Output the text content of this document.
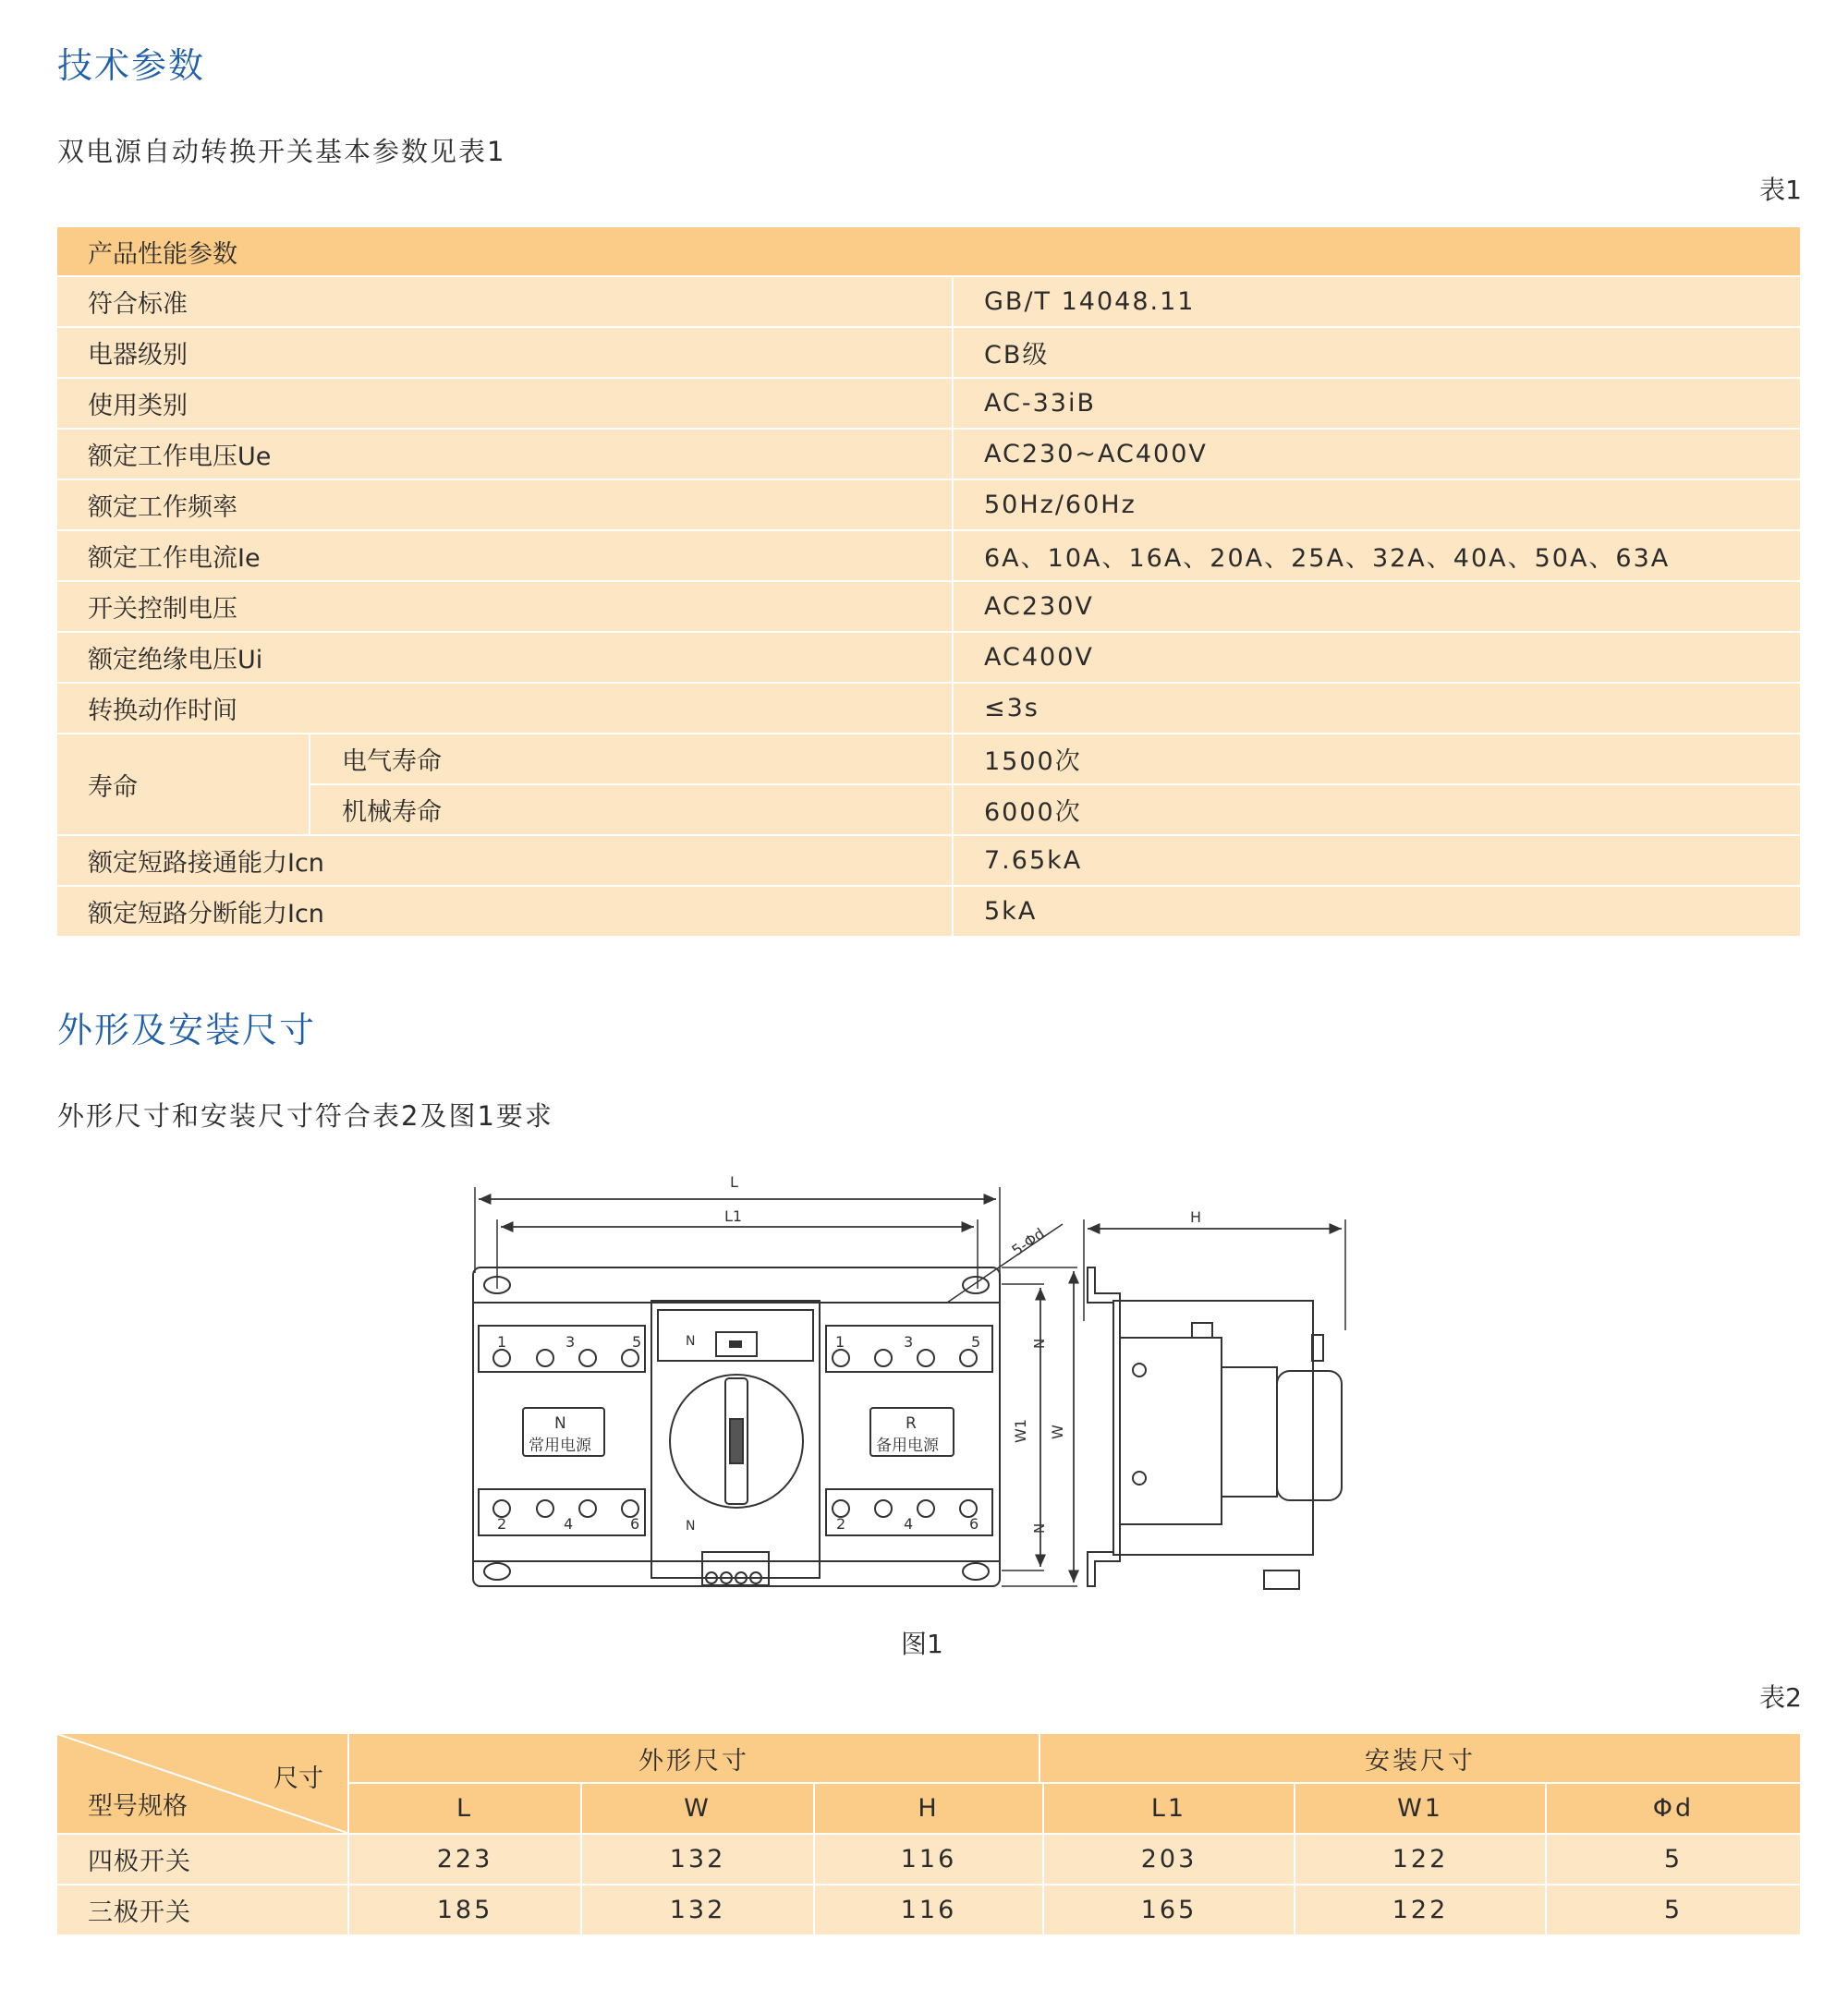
技术参数
双电源自动转换开关基本参数见表1
表1
产品性能参数
符合标准	GB/T 14048.11
电器级别	CB级
使用类别	AC-33iB
额定工作电压Ue	AC230~AC400V
额定工作频率	50Hz/60Hz
额定工作电流Ie	6A、10A、16A、20A、25A、32A、40A、50A、63A
开关控制电压	AC230V
额定绝缘电压Ui	AC400V
转换动作时间	≤3s
寿命
电气寿命	1500次
机械寿命	6000次
额定短路接通能力Icn	7.65kA
额定短路分断能力Icn	5kA
外形及安装尺寸
外形尺寸和安装尺寸符合表2及图1要求
L
L1
5-Φd
1	3	5	1	3	5
2	4	6	2	4	6
N
常用电源
R
备用电源
N
N
N
N
W1 W
H
图1
表2
尺寸
型号规格
外形尺寸	安装尺寸
L	W	H	L1	W1	Φd
四极开关	223	132	116	203	122	5
三极开关	185	132	116	165	122	5
